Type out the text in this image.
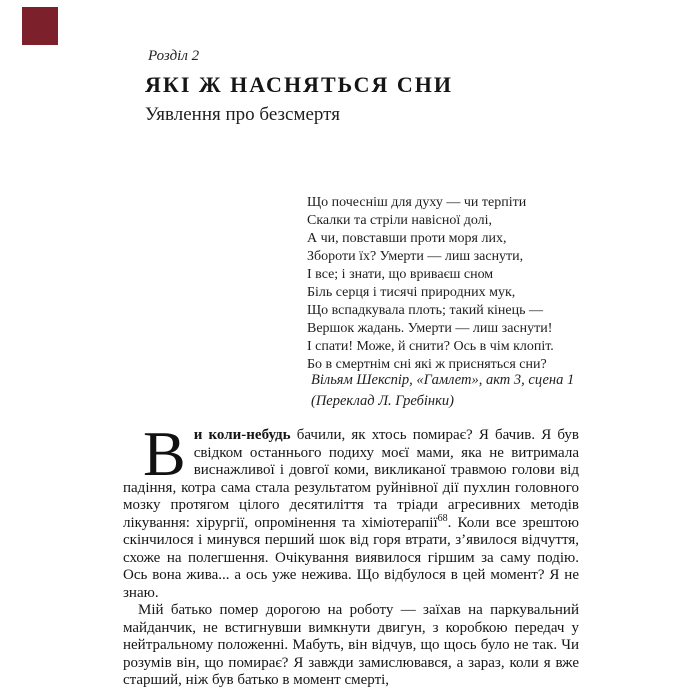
Розділ 2
ЯКІ Ж НАСНЯТЬСЯ СНИ
Уявлення про безсмертя
Що почесніш для духу — чи терпіти
Скалки та стріли навісної долі,
А чи, повставши проти моря лих,
Збороти їх? Умерти — лиш заснути,
І все; і знати, що вриваєш сном
Біль серця і тисячі природних мук,
Що вспадкувала плоть; такий кінець —
Вершок жадань. Умерти — лиш заснути!
І спати! Може, й снити? Ось в чім клопіт.
Бо в смертнім сні які ж присняться сни?
Вільям Шекспір, «Гамлет», акт 3, сцена 1
(Переклад Л. Гребінки)

Ви коли-небудь бачили, як хтось помирає? Я бачив. Я був свідком останнього подиху моєї мами, яка не витримала виснажливої і довгої коми, викликаної травмою голови від падіння, котра сама стала результатом руйнівної дії пухлин головного мозку протягом цілого десятиліття та тріади агресивних методів лікування: хірургії, опромінення та хіміотерапії$^{68}$. Коли все зрештою скінчилося і минувся перший шок від горя втрати, з’явилося відчуття, схоже на полегшення. Очікування виявилося гіршим за саму подію. Ось вона жива... а ось уже нежива. Що відбулося в цей момент? Я не знаю.

Мій батько помер дорогою на роботу — заїхав на паркувальний майданчик, не встигнувши вимкнути двигун, з коробкою передач у нейтральному положенні. Мабуть, він відчув, що щось було не так. Чи розумів він, що помирає? Я завжди замислювався, а зараз, коли я вже старший, ніж був батько в момент смерті,
